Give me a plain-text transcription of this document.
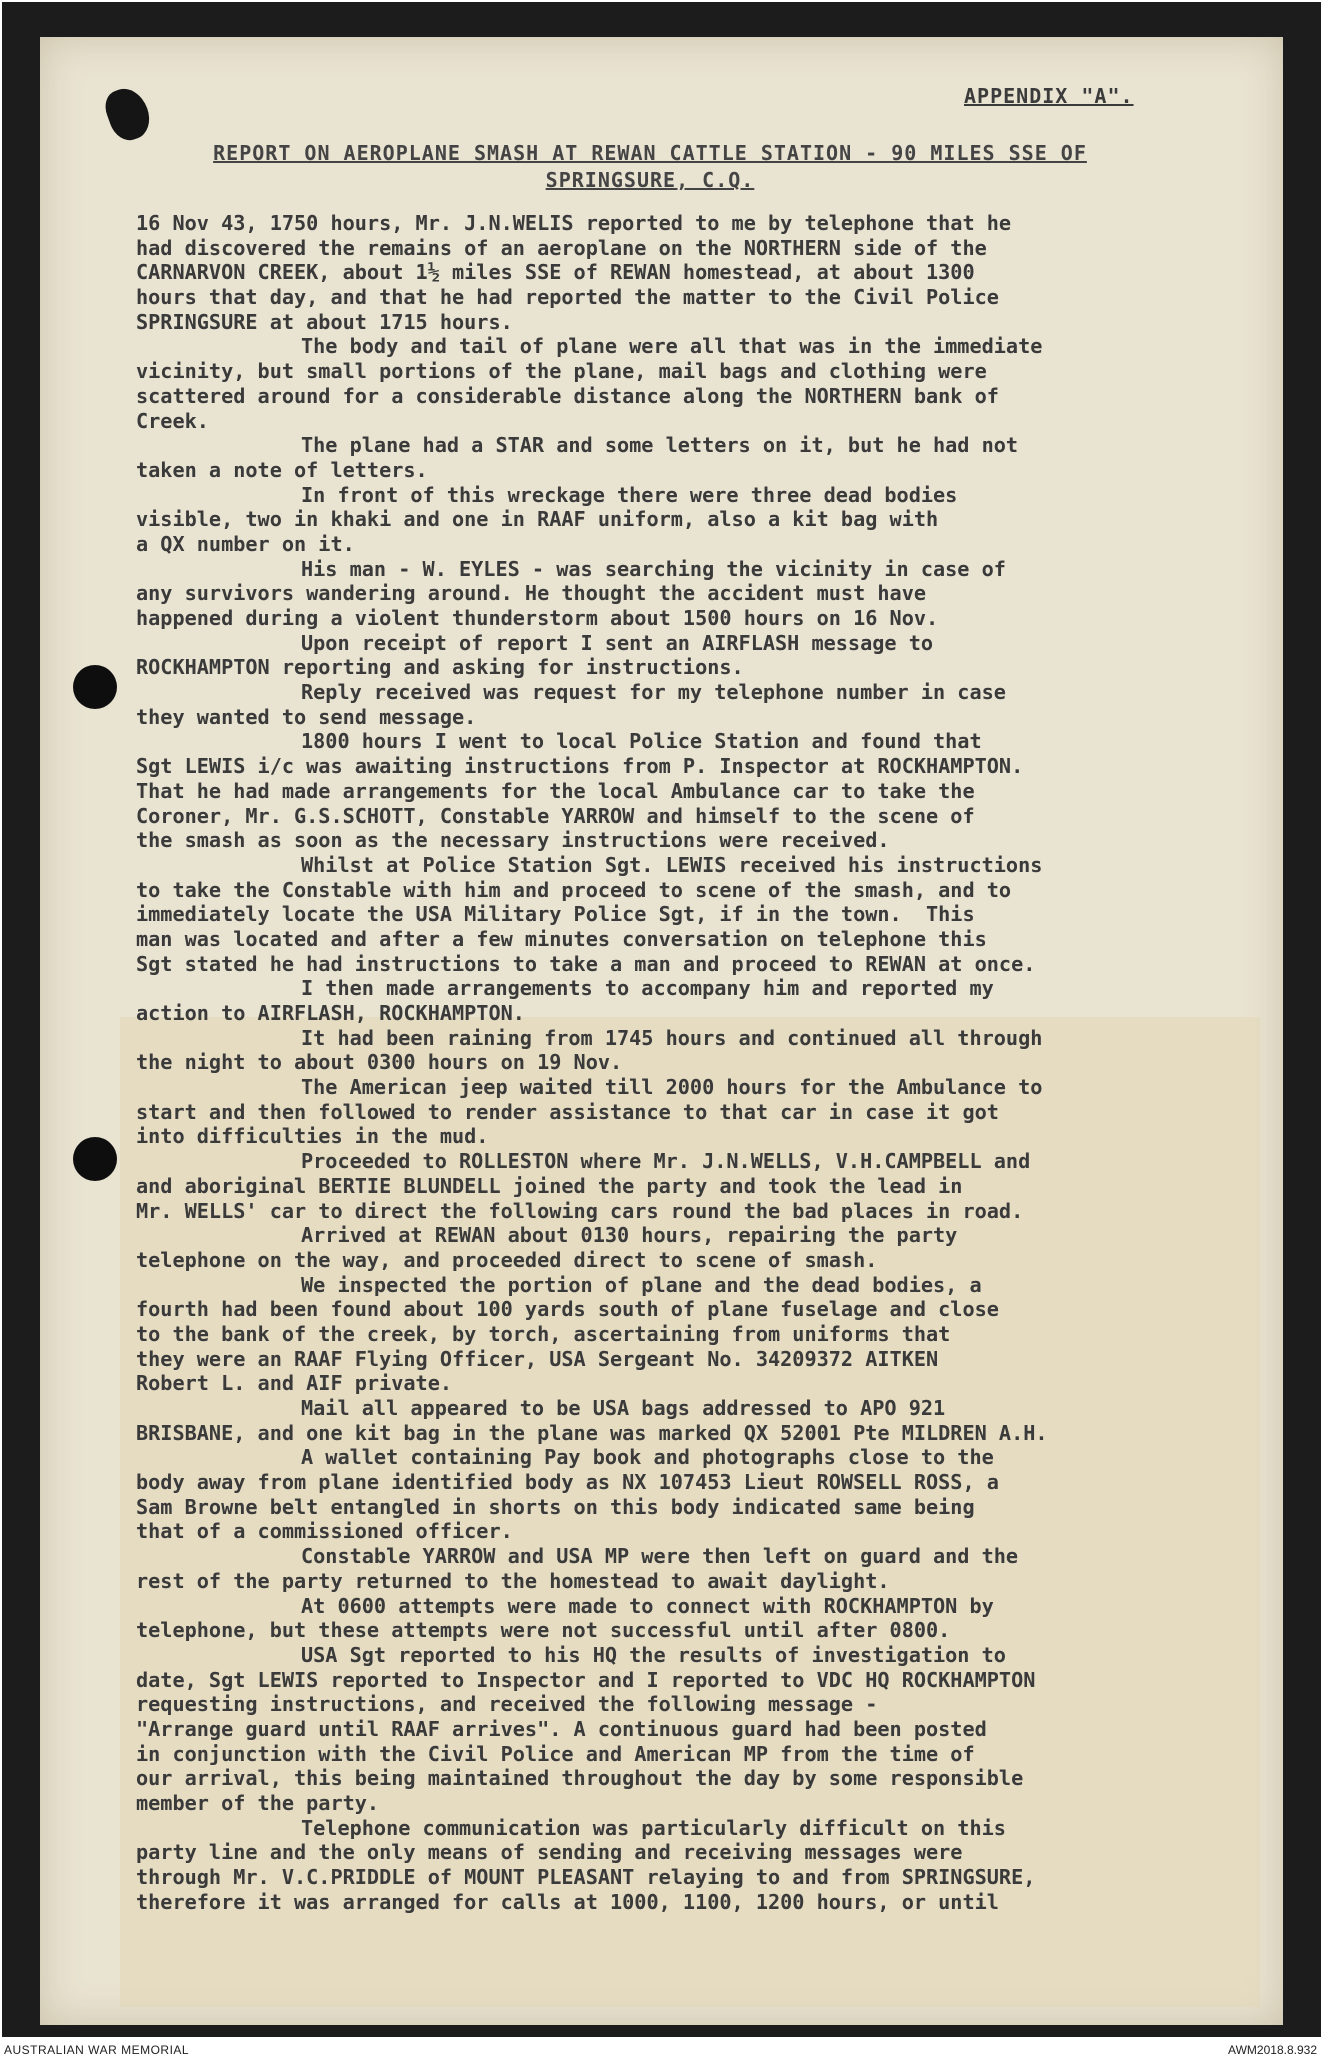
APPENDIX "A".
REPORT ON AEROPLANE SMASH AT REWAN CATTLE STATION - 90 MILES SSE OF
SPRINGSURE, C.Q.
16 Nov 43, 1750 hours, Mr. J.N.WELIS reported to me by telephone that he
had discovered the remains of an aeroplane on the NORTHERN side of the
CARNARVON CREEK, about 1½ miles SSE of REWAN homestead, at about 1300
hours that day, and that he had reported the matter to the Civil Police
SPRINGSURE at about 1715 hours.
The body and tail of plane were all that was in the immediate
vicinity, but small portions of the plane, mail bags and clothing were
scattered around for a considerable distance along the NORTHERN bank of
Creek.
The plane had a STAR and some letters on it, but he had not
taken a note of letters.
In front of this wreckage there were three dead bodies
visible, two in khaki and one in RAAF uniform, also a kit bag with
a QX number on it.
His man - W. EYLES - was searching the vicinity in case of
any survivors wandering around. He thought the accident must have
happened during a violent thunderstorm about 1500 hours on 16 Nov.
Upon receipt of report I sent an AIRFLASH message to
ROCKHAMPTON reporting and asking for instructions.
Reply received was request for my telephone number in case
they wanted to send message.
1800 hours I went to local Police Station and found that
Sgt LEWIS i/c was awaiting instructions from P. Inspector at ROCKHAMPTON.
That he had made arrangements for the local Ambulance car to take the
Coroner, Mr. G.S.SCHOTT, Constable YARROW and himself to the scene of
the smash as soon as the necessary instructions were received.
Whilst at Police Station Sgt. LEWIS received his instructions
to take the Constable with him and proceed to scene of the smash, and to
immediately locate the USA Military Police Sgt, if in the town.  This
man was located and after a few minutes conversation on telephone this
Sgt stated he had instructions to take a man and proceed to REWAN at once.
I then made arrangements to accompany him and reported my
action to AIRFLASH, ROCKHAMPTON.
It had been raining from 1745 hours and continued all through
the night to about 0300 hours on 19 Nov.
The American jeep waited till 2000 hours for the Ambulance to
start and then followed to render assistance to that car in case it got
into difficulties in the mud.
Proceeded to ROLLESTON where Mr. J.N.WELLS, V.H.CAMPBELL and
and aboriginal BERTIE BLUNDELL joined the party and took the lead in
Mr. WELLS' car to direct the following cars round the bad places in road.
Arrived at REWAN about 0130 hours, repairing the party
telephone on the way, and proceeded direct to scene of smash.
We inspected the portion of plane and the dead bodies, a
fourth had been found about 100 yards south of plane fuselage and close
to the bank of the creek, by torch, ascertaining from uniforms that
they were an RAAF Flying Officer, USA Sergeant No. 34209372 AITKEN
Robert L. and AIF private.
Mail all appeared to be USA bags addressed to APO 921
BRISBANE, and one kit bag in the plane was marked QX 52001 Pte MILDREN A.H.
A wallet containing Pay book and photographs close to the
body away from plane identified body as NX 107453 Lieut ROWSELL ROSS, a
Sam Browne belt entangled in shorts on this body indicated same being
that of a commissioned officer.
Constable YARROW and USA MP were then left on guard and the
rest of the party returned to the homestead to await daylight.
At 0600 attempts were made to connect with ROCKHAMPTON by
telephone, but these attempts were not successful until after 0800.
USA Sgt reported to his HQ the results of investigation to
date, Sgt LEWIS reported to Inspector and I reported to VDC HQ ROCKHAMPTON
requesting instructions, and received the following message -
"Arrange guard until RAAF arrives". A continuous guard had been posted
in conjunction with the Civil Police and American MP from the time of
our arrival, this being maintained throughout the day by some responsible
member of the party.
Telephone communication was particularly difficult on this
party line and the only means of sending and receiving messages were
through Mr. V.C.PRIDDLE of MOUNT PLEASANT relaying to and from SPRINGSURE,
therefore it was arranged for calls at 1000, 1100, 1200 hours, or until
AUSTRALIAN WAR MEMORIAL	AWM2018.8.932
